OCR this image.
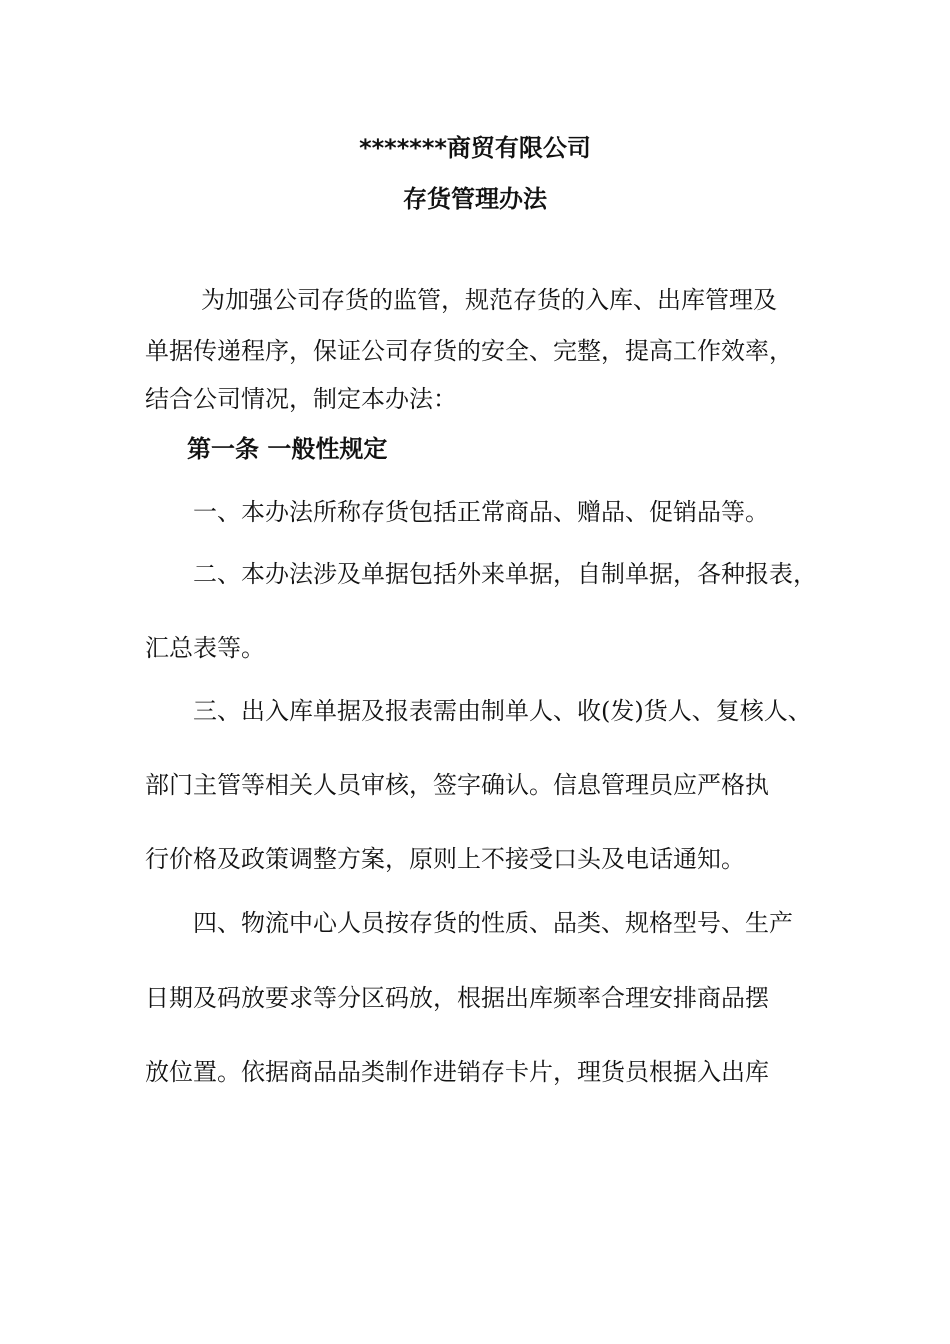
*******商贸有限公司
存货管理办法
为加强公司存货的监管，规范存货的入库、出库管理及
单据传递程序，保证公司存货的安全、完整，提高工作效率，
结合公司情况，制定本办法：
第一条 一般性规定
一、本办法所称存货包括正常商品、赠品、促销品等。
二、本办法涉及单据包括外来单据，自制单据，各种报表，
汇总表等。
三、出入库单据及报表需由制单人、收(发)货人、复核人、
部门主管等相关人员审核，签字确认。信息管理员应严格执
行价格及政策调整方案，原则上不接受口头及电话通知。
四、物流中心人员按存货的性质、品类、规格型号、生产
日期及码放要求等分区码放，根据出库频率合理安排商品摆
放位置。依据商品品类制作进销存卡片，理货员根据入出库
